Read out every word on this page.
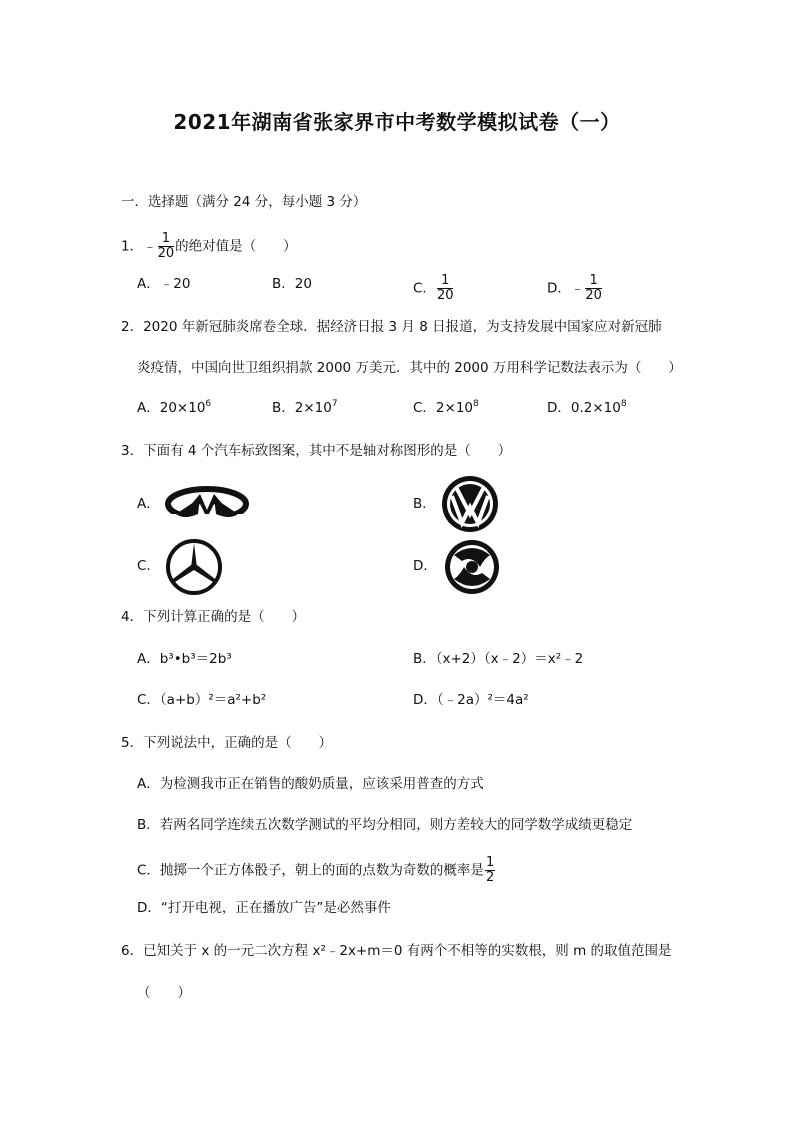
2021年湖南省张家界市中考数学模拟试卷（一）
一．选择题（满分 24 分，每小题 3 分）
1．﹣ $\frac{1}{20}$ 的绝对值是（　　）
A．﹣20	B．20	C． $\frac{1}{20}$	D．﹣ $\frac{1}{20}$
2．2020 年新冠肺炎席卷全球．据经济日报 3 月 8 日报道，为支持发展中国家应对新冠肺
炎疫情，中国向世卫组织捐款 2000 万美元．其中的 2000 万用科学记数法表示为（　　）
A．$20\times 10^6$	B．$2\times 10^7$	C．$2\times 10^8$	D．$0.2\times 10^8$
3．下面有 4 个汽车标致图案，其中不是轴对称图形的是（　　）
A．	B．
C．	D．
4．下列计算正确的是（　　）
A．b³•b³＝2b³	B．（x+2）（x﹣2）＝x²﹣2
C．（a+b）²＝a²+b²	D．（﹣2a）²＝4a²
5．下列说法中，正确的是（　　）
A．为检测我市正在销售的酸奶质量，应该采用普查的方式
B．若两名同学连续五次数学测试的平均分相同，则方差较大的同学数学成绩更稳定
C．抛掷一个正方体骰子，朝上的面的点数为奇数的概率是 $\frac{1}{2}$
D．“打开电视，正在播放广告”是必然事件
6．已知关于 x 的一元二次方程 x²﹣2x+m＝0 有两个不相等的实数根，则 m 的取值范围是
（　　）
